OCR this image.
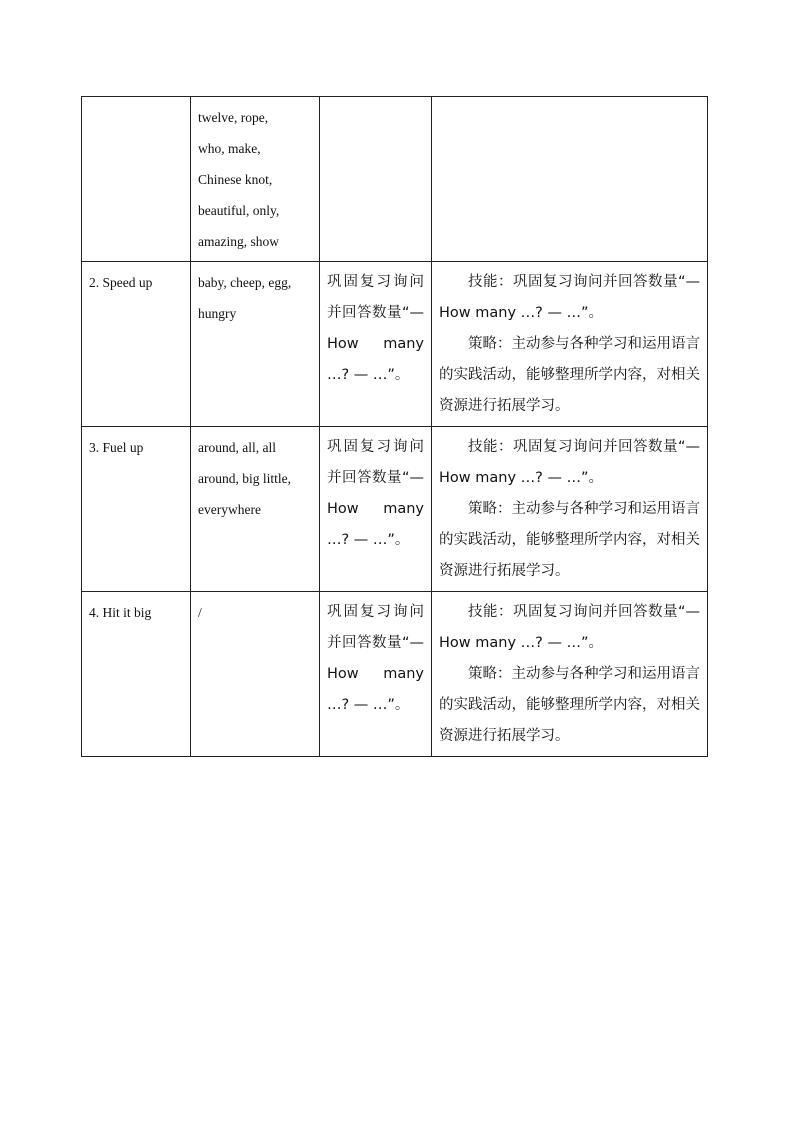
	twelve, rope,
who, make,
Chinese knot,
beautiful, only,
amazing, show		

2. Speed up	baby, cheep, egg,
hungry	巩固复习询问并回答数量“—How many …? — …”。	技能：巩固复习询问并回答数量“—How many …? — …”。
策略：主动参与各种学习和运用语言的实践活动，能够整理所学内容，对相关资源进行拓展学习。

3. Fuel up	around, all, all
around, big little,
everywhere	巩固复习询问并回答数量“—How many …? — …”。	技能：巩固复习询问并回答数量“—How many …? — …”。
策略：主动参与各种学习和运用语言的实践活动，能够整理所学内容，对相关资源进行拓展学习。

4. Hit it big	/	巩固复习询问并回答数量“—How many …? — …”。	技能：巩固复习询问并回答数量“—How many …? — …”。
策略：主动参与各种学习和运用语言的实践活动，能够整理所学内容，对相关资源进行拓展学习。
